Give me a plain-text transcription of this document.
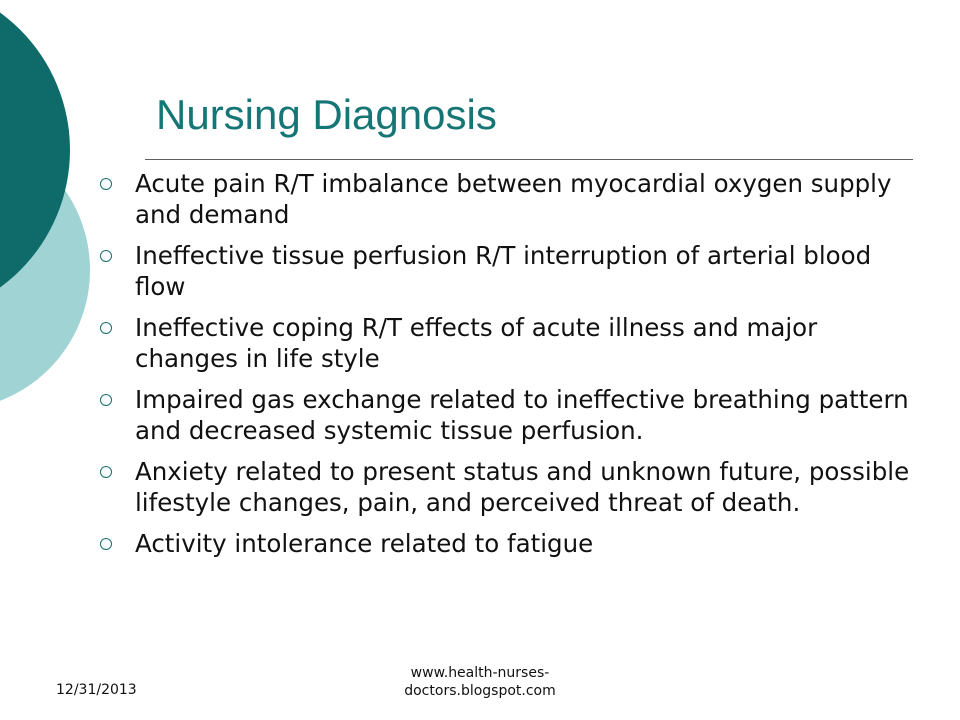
Nursing Diagnosis
Acute pain R/T imbalance between myocardial oxygen supply and demand
Ineffective tissue perfusion R/T interruption of arterial blood flow
Ineffective coping R/T effects of acute illness and major changes in life style
Impaired gas exchange related to ineffective breathing pattern and decreased systemic tissue perfusion.
Anxiety related to present status and unknown future, possible lifestyle changes, pain, and perceived threat of death.
Activity intolerance related to fatigue
12/31/2013
www.health-nurses-
doctors.blogspot.com
